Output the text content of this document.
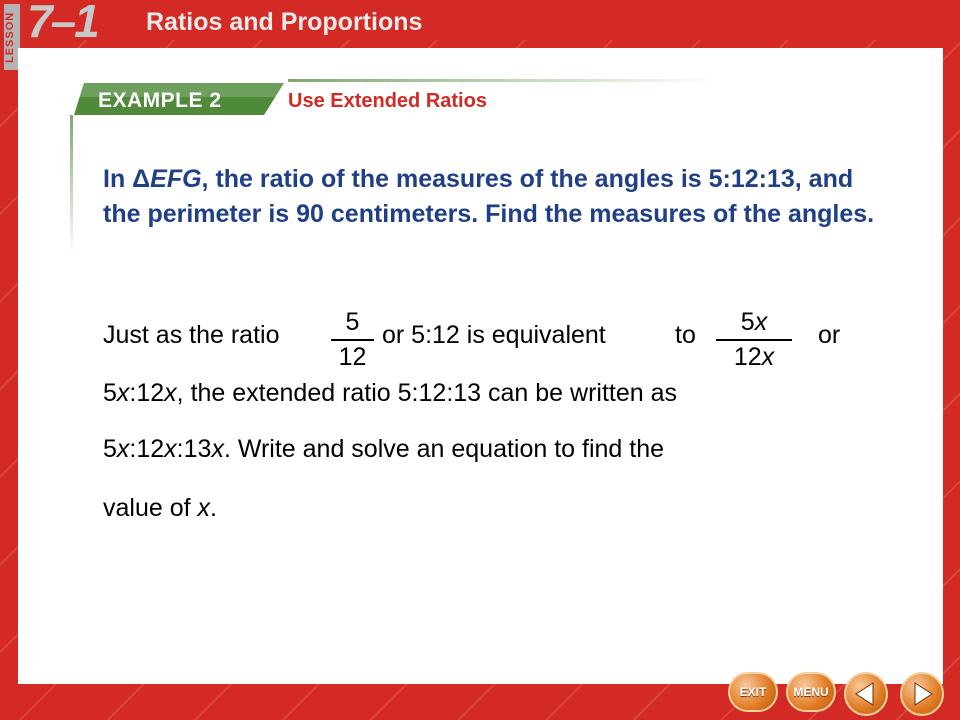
LESSON 7–1 Ratios and Proportions
EXAMPLE 2	Use Extended Ratios
In ΔEFG, the ratio of the measures of the angles is 5:12:13, and the perimeter is 90 centimeters. Find the measures of the angles.
Just as the ratio	5
12
or 5:12 is equivalent	to	5x
12x
or
5x:12x, the extended ratio 5:12:13 can be written as
5x:12x:13x. Write and solve an equation to find the
value of x.
EXIT	MENU
